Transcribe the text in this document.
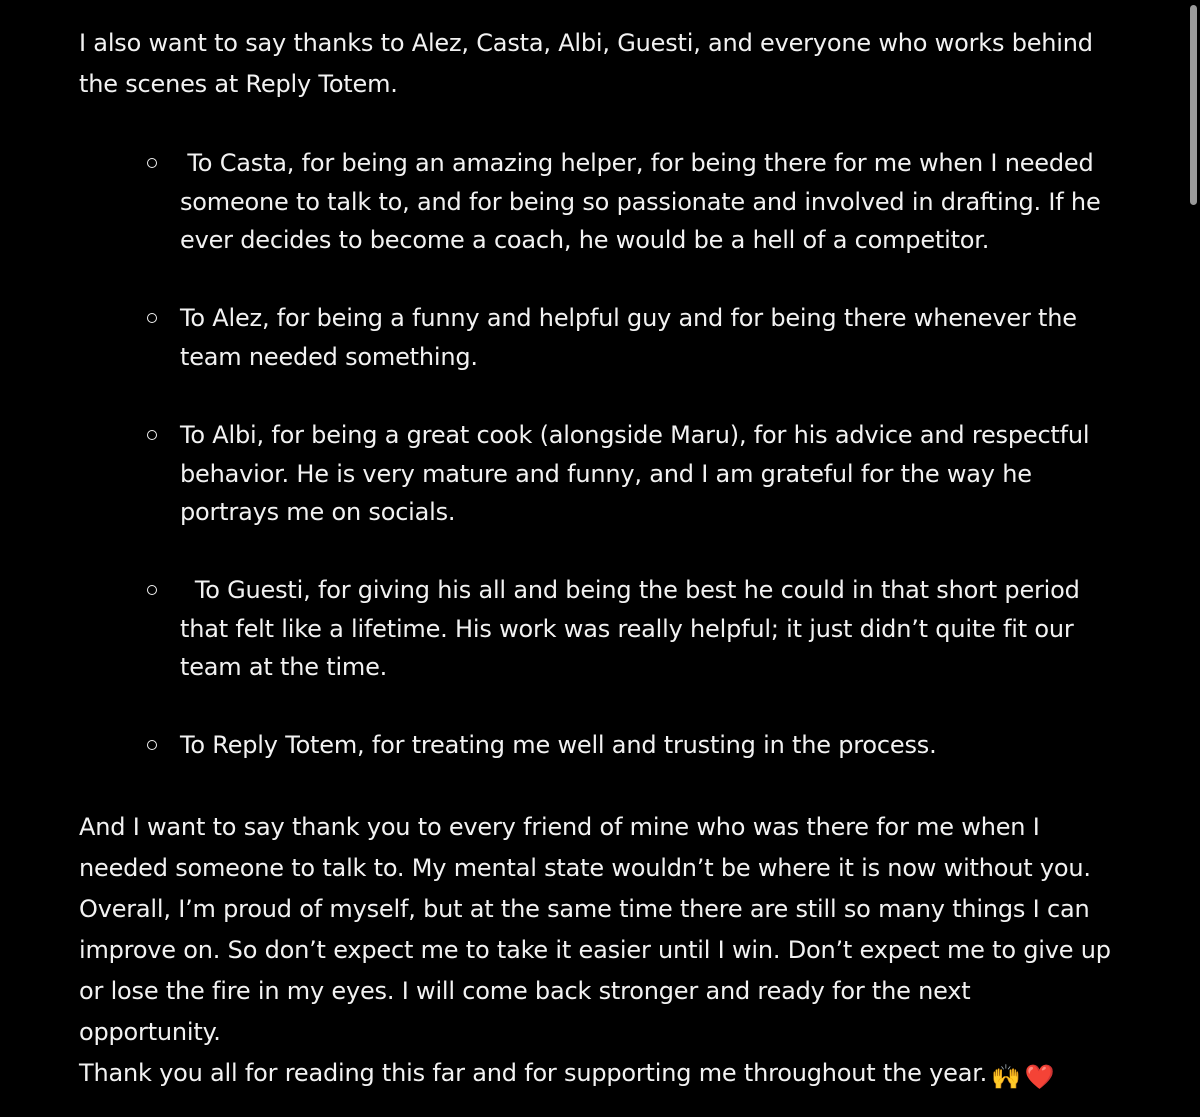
I also want to say thanks to Alez, Casta, Albi, Guesti, and everyone who works behind
the scenes at Reply Totem.

To Casta, for being an amazing helper, for being there for me when I needed
someone to talk to, and for being so passionate and involved in drafting. If he
ever decides to become a coach, he would be a hell of a competitor.
To Alez, for being a funny and helpful guy and for being there whenever the
team needed something.
To Albi, for being a great cook (alongside Maru), for his advice and respectful
behavior. He is very mature and funny, and I am grateful for the way he
portrays me on socials.
To Guesti, for giving his all and being the best he could in that short period
that felt like a lifetime. His work was really helpful; it just didn’t quite fit our
team at the time.
To Reply Totem, for treating me well and trusting in the process.

And I want to say thank you to every friend of mine who was there for me when I
needed someone to talk to. My mental state wouldn’t be where it is now without you.
Overall, I’m proud of myself, but at the same time there are still so many things I can
improve on. So don’t expect me to take it easier until I win. Don’t expect me to give up
or lose the fire in my eyes. I will come back stronger and ready for the next
opportunity.
Thank you all for reading this far and for supporting me throughout the year. 🙌 ❤️
